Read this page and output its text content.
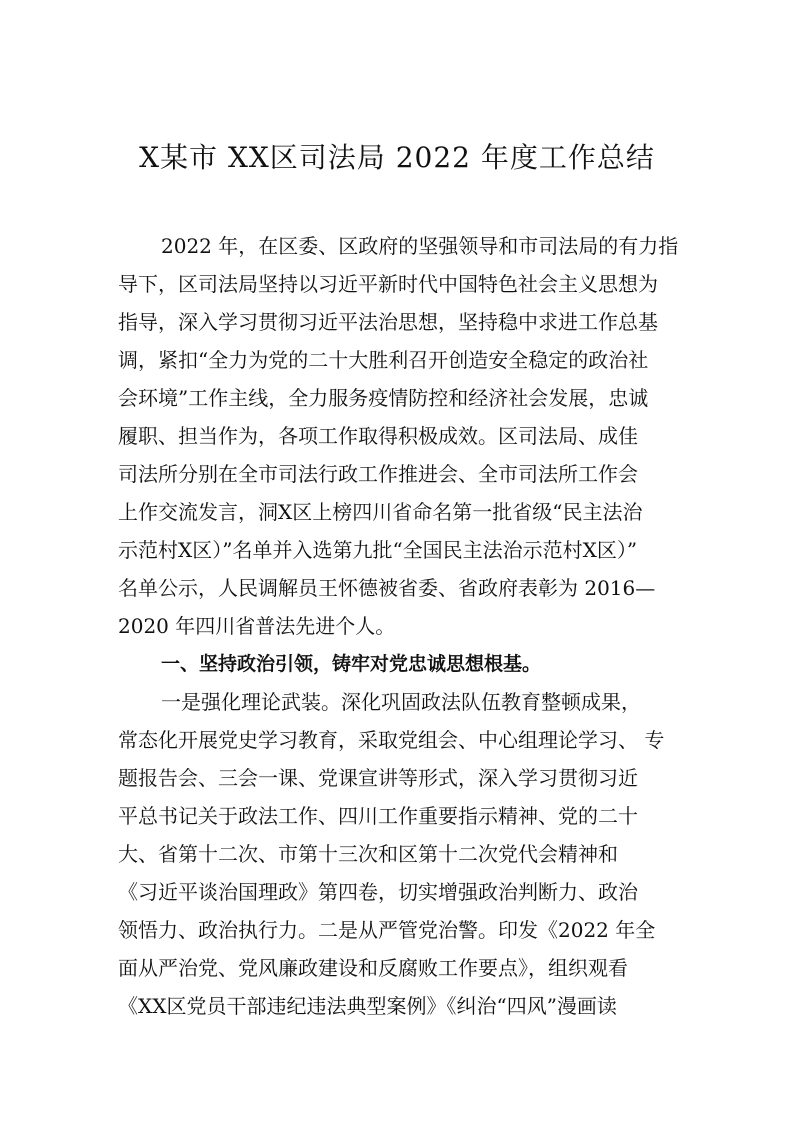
X某市 XX区司法局 2022 年度工作总结
2022 年，在区委、区政府的坚强领导和市司法局的有力指
导下，区司法局坚持以习近平新时代中国特色社会主义思想为
指导，深入学习贯彻习近平法治思想，坚持稳中求进工作总基
调，紧扣“全力为党的二十大胜利召开创造安全稳定的政治社
会环境”工作主线，全力服务疫情防控和经济社会发展，忠诚
履职、担当作为，各项工作取得积极成效。区司法局、成佳
司法所分别在全市司法行政工作推进会、全市司法所工作会
上作交流发言，洞X区上榜四川省命名第一批省级“民主法治
示范村X区）”名单并入选第九批“全国民主法治示范村X区）”
名单公示，人民调解员王怀德被省委、省政府表彰为 2016—
2020 年四川省普法先进个人。
一、坚持政治引领，铸牢对党忠诚思想根基。
一是强化理论武装。深化巩固政法队伍教育整顿成果，
常态化开展党史学习教育，采取党组会、中心组理论学习、 专
题报告会、三会一课、党课宣讲等形式，深入学习贯彻习近
平总书记关于政法工作、四川工作重要指示精神、党的二十
大、省第十二次、市第十三次和区第十二次党代会精神和
《习近平谈治国理政》第四卷，切实增强政治判断力、政治
领悟力、政治执行力。二是从严管党治警。印发《2022 年全
面从严治党、党风廉政建设和反腐败工作要点》，组织观看
《XX区党员干部违纪违法典型案例》《纠治“四风”漫画读
